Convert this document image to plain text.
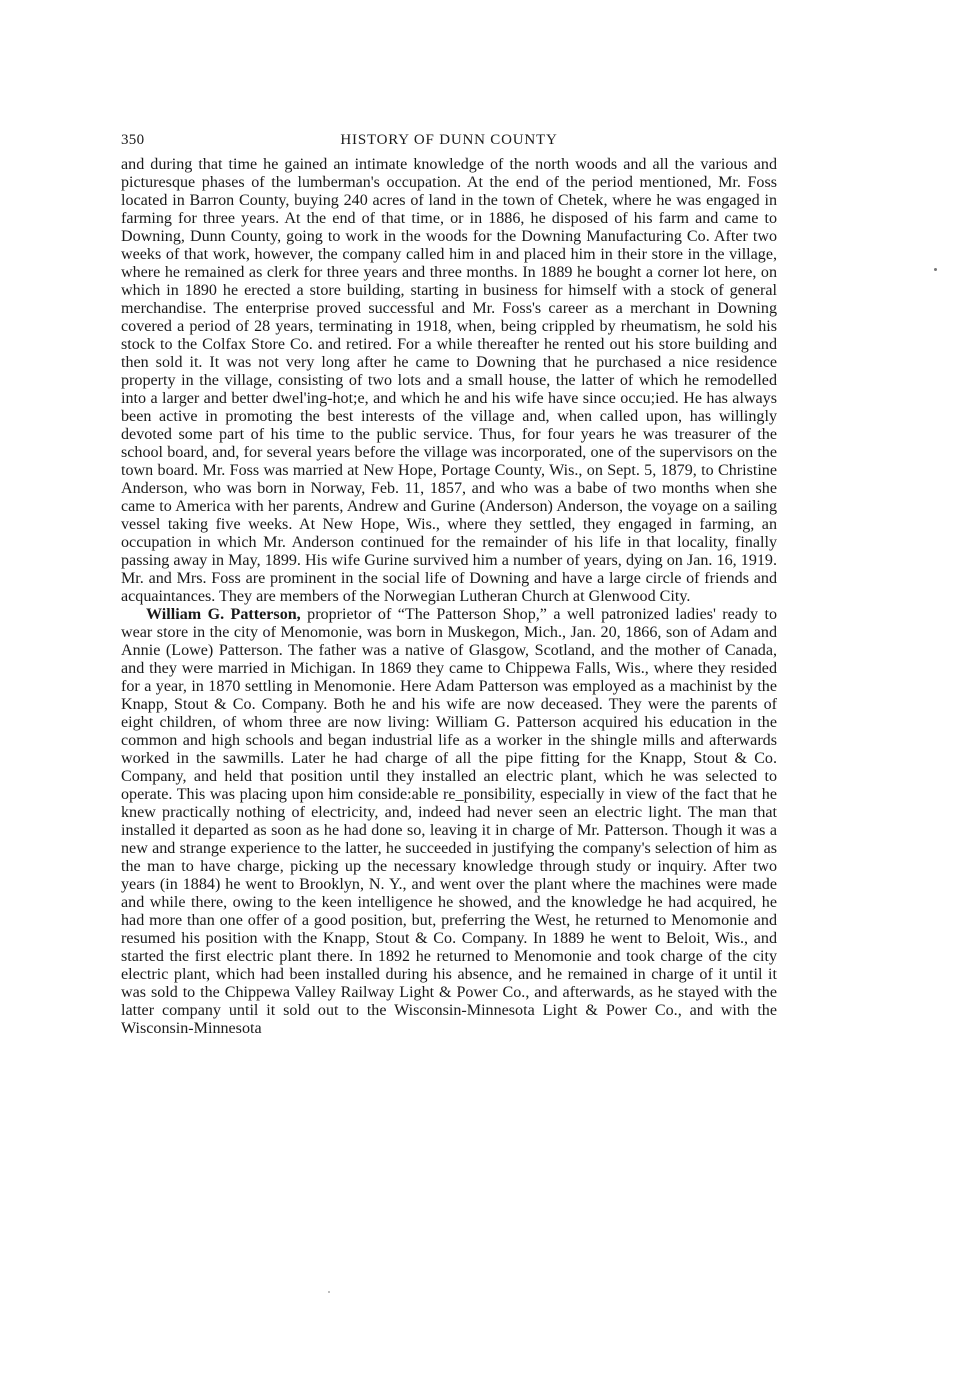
350	HISTORY OF DUNN COUNTY

and during that time he gained an intimate knowledge of the north woods and all the various and picturesque phases of the lumberman's occupation. At the end of the period mentioned, Mr. Foss located in Barron County, buying 240 acres of land in the town of Chetek, where he was engaged in farming for three years. At the end of that time, or in 1886, he disposed of his farm and came to Downing, Dunn County, going to work in the woods for the Downing Manufacturing Co. After two weeks of that work, however, the company called him in and placed him in their store in the village, where he remained as clerk for three years and three months. In 1889 he bought a corner lot here, on which in 1890 he erected a store building, starting in business for himself with a stock of general merchandise. The enterprise proved successful and Mr. Foss's career as a merchant in Downing covered a period of 28 years, terminating in 1918, when, being crippled by rheumatism, he sold his stock to the Colfax Store Co. and retired. For a while thereafter he rented out his store building and then sold it. It was not very long after he came to Downing that he purchased a nice residence property in the village, consisting of two lots and a small house, the latter of which he remodelled into a larger and better dwel'ing-hot;e, and which he and his wife have since occu;ied. He has always been active in promoting the best interests of the village and, when called upon, has willingly devoted some part of his time to the public service. Thus, for four years he was treasurer of the school board, and, for several years before the village was incorporated, one of the supervisors on the town board. Mr. Foss was married at New Hope, Portage County, Wis., on Sept. 5, 1879, to Christine Anderson, who was born in Norway, Feb. 11, 1857, and who was a babe of two months when she came to America with her parents, Andrew and Gurine (Anderson) Anderson, the voyage on a sailing vessel taking five weeks. At New Hope, Wis., where they settled, they engaged in farming, an occupation in which Mr. Anderson continued for the remainder of his life in that locality, finally passing away in May, 1899. His wife Gurine survived him a number of years, dying on Jan. 16, 1919. Mr. and Mrs. Foss are prominent in the social life of Downing and have a large circle of friends and acquaintances. They are members of the Norwegian Lutheran Church at Glenwood City.

William G. Patterson, proprietor of “The Patterson Shop,” a well patronized ladies' ready to wear store in the city of Menomonie, was born in Muskegon, Mich., Jan. 20, 1866, son of Adam and Annie (Lowe) Patterson. The father was a native of Glasgow, Scotland, and the mother of Canada, and they were married in Michigan. In 1869 they came to Chippewa Falls, Wis., where they resided for a year, in 1870 settling in Menomonie. Here Adam Patterson was employed as a machinist by the Knapp, Stout & Co. Company. Both he and his wife are now deceased. They were the parents of eight children, of whom three are now living: William G. Patterson acquired his education in the common and high schools and began industrial life as a worker in the shingle mills and afterwards worked in the sawmills. Later he had charge of all the pipe fitting for the Knapp, Stout & Co. Company, and held that position until they installed an electric plant, which he was selected to operate. This was placing upon him conside:able re_ponsibility, especially in view of the fact that he knew practically nothing of electricity, and, indeed had never seen an electric light. The man that installed it departed as soon as he had done so, leaving it in charge of Mr. Patterson. Though it was a new and strange experience to the latter, he succeeded in justifying the company's selection of him as the man to have charge, picking up the necessary knowledge through study or inquiry. After two years (in 1884) he went to Brooklyn, N. Y., and went over the plant where the machines were made and while there, owing to the keen intelligence he showed, and the knowledge he had acquired, he had more than one offer of a good position, but, preferring the West, he returned to Menomonie and resumed his position with the Knapp, Stout & Co. Company. In 1889 he went to Beloit, Wis., and started the first electric plant there. In 1892 he returned to Menomonie and took charge of the city electric plant, which had been installed during his absence, and he remained in charge of it until it was sold to the Chippewa Valley Railway Light & Power Co., and afterwards, as he stayed with the latter company until it sold out to the Wisconsin-Minnesota Light & Power Co., and with the Wisconsin-Minnesota
